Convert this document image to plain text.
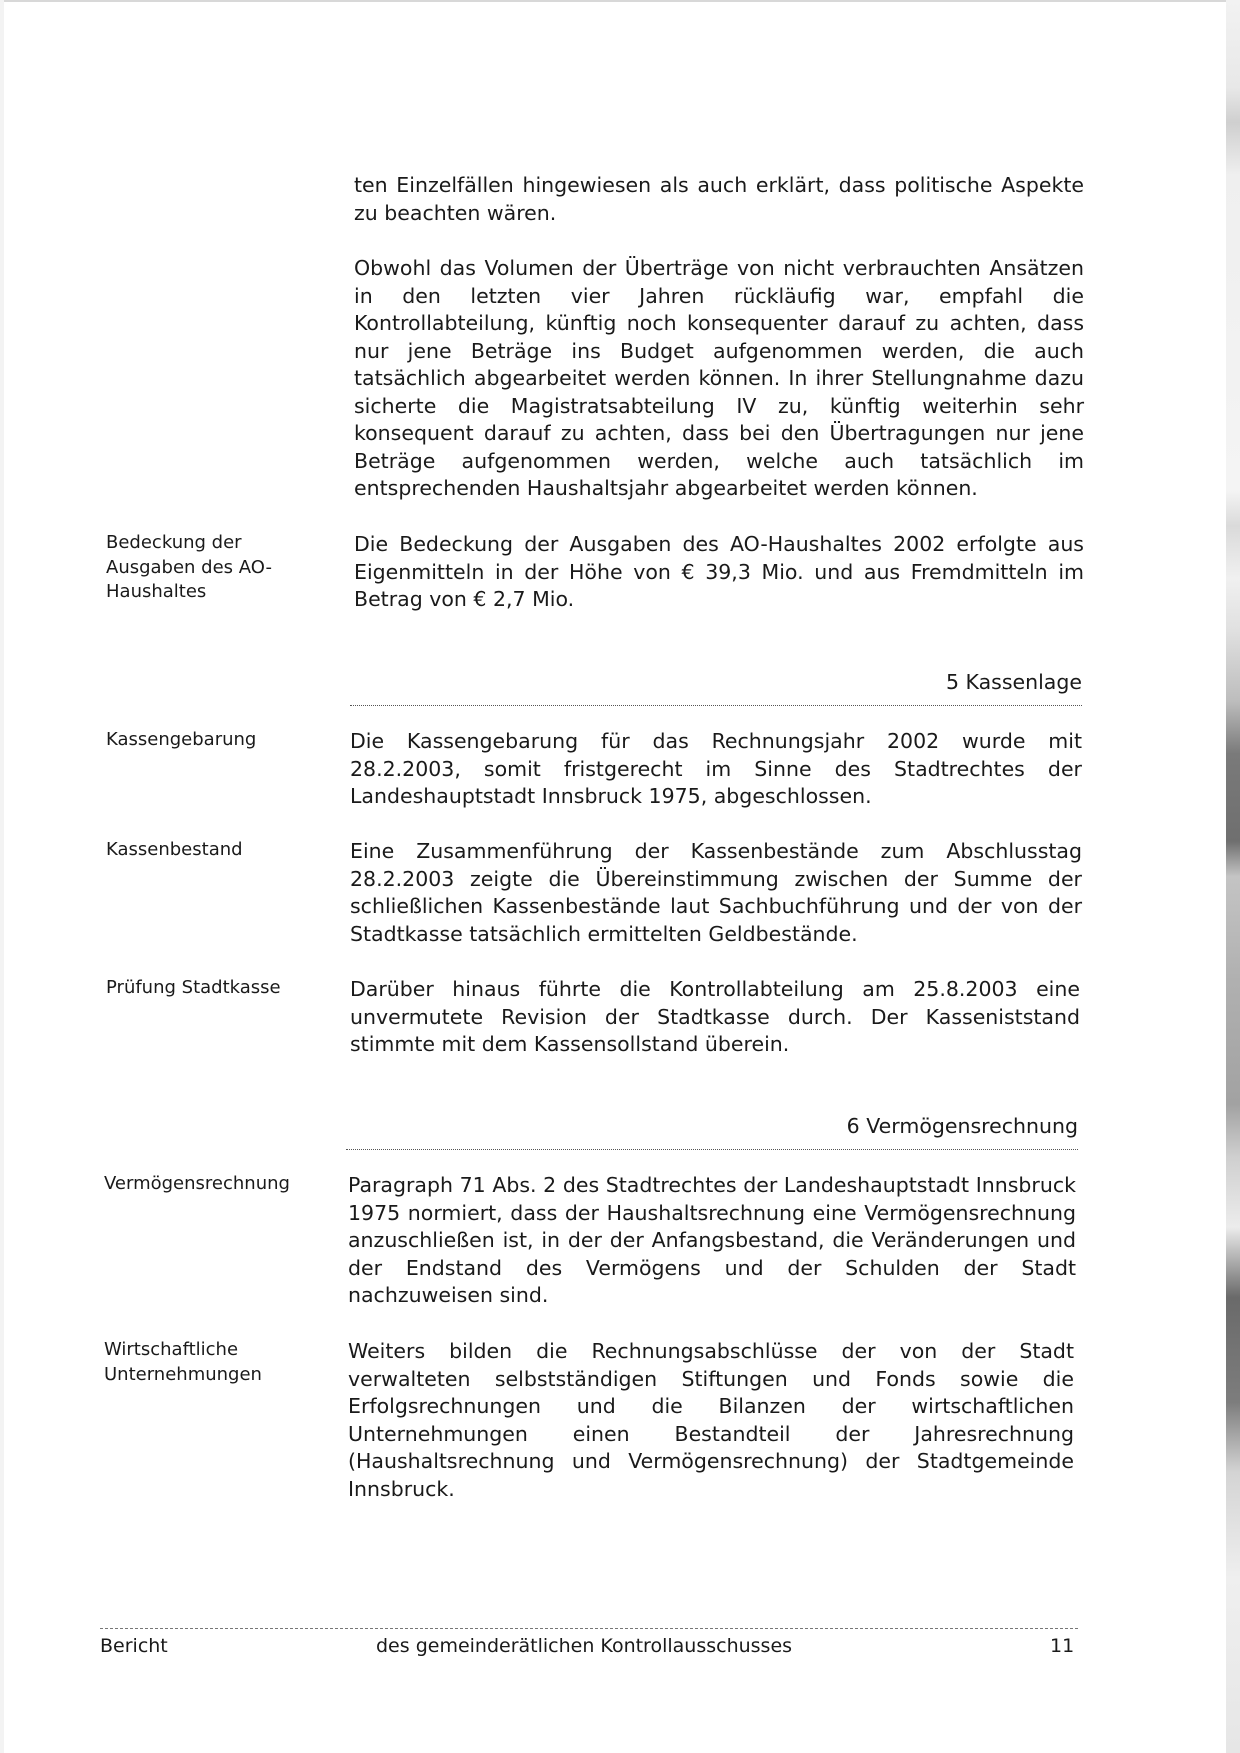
ten Einzelfällen hingewiesen als auch erklärt, dass politische Aspekte zu beachten wären.

Obwohl das Volumen der Überträge von nicht verbrauchten Ansätzen in den letzten vier Jahren rückläufig war, empfahl die Kontrollabteilung, künftig noch konsequenter darauf zu achten, dass nur jene Beträge ins Budget aufgenommen werden, die auch tatsächlich abgearbeitet werden können. In ihrer Stellungnahme dazu sicherte die Magistratsabteilung IV zu, künftig weiterhin sehr konsequent darauf zu achten, dass bei den Übertragungen nur jene Beträge aufgenommen werden, welche auch tatsächlich im entsprechenden Haushaltsjahr abgearbeitet werden können.

Bedeckung der Ausgaben des AO-Haushaltes

Die Bedeckung der Ausgaben des AO-Haushaltes 2002 erfolgte aus Eigenmitteln in der Höhe von € 39,3 Mio. und aus Fremdmitteln im Betrag von € 2,7 Mio.

5 Kassenlage

Kassengebarung	Die Kassengebarung für das Rechnungsjahr 2002 wurde mit 28.2.2003, somit fristgerecht im Sinne des Stadtrechtes der Landeshauptstadt Innsbruck 1975, abgeschlossen.

Kassenbestand	Eine Zusammenführung der Kassenbestände zum Abschlusstag 28.2.2003 zeigte die Übereinstimmung zwischen der Summe der schließlichen Kassenbestände laut Sachbuchführung und der von der Stadtkasse tatsächlich ermittelten Geldbestände.

Prüfung Stadtkasse	Darüber hinaus führte die Kontrollabteilung am 25.8.2003 eine unvermutete Revision der Stadtkasse durch. Der Kasseniststand stimmte mit dem Kassensollstand überein.

6 Vermögensrechnung

Vermögensrechnung	Paragraph 71 Abs. 2 des Stadtrechtes der Landeshauptstadt Innsbruck 1975 normiert, dass der Haushaltsrechnung eine Vermögensrechnung anzuschließen ist, in der der Anfangsbestand, die Veränderungen und der Endstand des Vermögens und der Schulden der Stadt nachzuweisen sind.

Wirtschaftliche Unternehmungen

Weiters bilden die Rechnungsabschlüsse der von der Stadt verwalteten selbstständigen Stiftungen und Fonds sowie die Erfolgsrechnungen und die Bilanzen der wirtschaftlichen Unternehmungen einen Bestandteil der Jahresrechnung (Haushaltsrechnung und Vermögensrechnung) der Stadtgemeinde Innsbruck.

Bericht	des gemeinderätlichen Kontrollausschusses	11
